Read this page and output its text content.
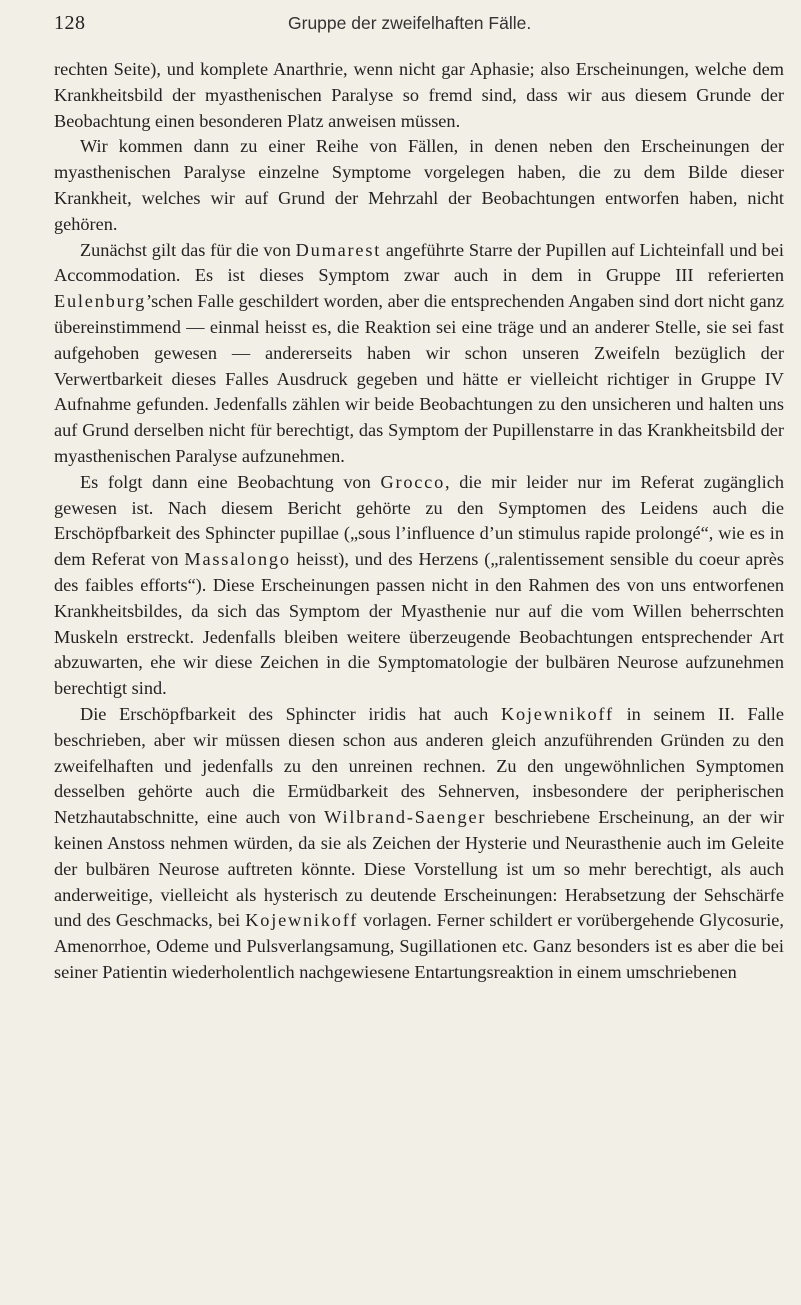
128	Gruppe der zweifelhaften Fälle.

rechten Seite), und komplete Anarthrie, wenn nicht gar Aphasie; also Erscheinungen, welche dem Krankheitsbild der myasthenischen Paralyse so fremd sind, dass wir aus diesem Grunde der Beobachtung einen besonderen Platz anweisen müssen.

Wir kommen dann zu einer Reihe von Fällen, in denen neben den Erscheinungen der myasthenischen Paralyse einzelne Symptome vorgelegen haben, die zu dem Bilde dieser Krankheit, welches wir auf Grund der Mehrzahl der Beobachtungen entworfen haben, nicht gehören.

Zunächst gilt das für die von Dumarest angeführte Starre der Pupillen auf Lichteinfall und bei Accommodation. Es ist dieses Symptom zwar auch in dem in Gruppe III referierten Eulenburg’schen Falle geschildert worden, aber die entsprechenden Angaben sind dort nicht ganz übereinstimmend — einmal heisst es, die Reaktion sei eine träge und an anderer Stelle, sie sei fast aufgehoben gewesen — andererseits haben wir schon unseren Zweifeln bezüglich der Verwertbarkeit dieses Falles Ausdruck gegeben und hätte er vielleicht richtiger in Gruppe IV Aufnahme gefunden. Jedenfalls zählen wir beide Beobachtungen zu den unsicheren und halten uns auf Grund derselben nicht für berechtigt, das Symptom der Pupillenstarre in das Krankheitsbild der myasthenischen Paralyse aufzunehmen.

Es folgt dann eine Beobachtung von Grocco, die mir leider nur im Referat zugänglich gewesen ist. Nach diesem Bericht gehörte zu den Symptomen des Leidens auch die Erschöpfbarkeit des Sphincter pupillae („sous l’influence d’un stimulus rapide prolongé“, wie es in dem Referat von Massalongo heisst), und des Herzens („ralentissement sensible du coeur après des faibles efforts“). Diese Erscheinungen passen nicht in den Rahmen des von uns entworfenen Krankheitsbildes, da sich das Symptom der Myasthenie nur auf die vom Willen beherrschten Muskeln erstreckt. Jedenfalls bleiben weitere überzeugende Beobachtungen entsprechender Art abzuwarten, ehe wir diese Zeichen in die Symptomatologie der bulbären Neurose aufzunehmen berechtigt sind.

Die Erschöpfbarkeit des Sphincter iridis hat auch Kojewnikoff in seinem II. Falle beschrieben, aber wir müssen diesen schon aus anderen gleich anzuführenden Gründen zu den zweifelhaften und jedenfalls zu den unreinen rechnen. Zu den ungewöhnlichen Symptomen desselben gehörte auch die Ermüdbarkeit des Sehnerven, insbesondere der peripherischen Netzhautabschnitte, eine auch von Wilbrand-Saenger beschriebene Erscheinung, an der wir keinen Anstoss nehmen würden, da sie als Zeichen der Hysterie und Neurasthenie auch im Geleite der bulbären Neurose auftreten könnte. Diese Vorstellung ist um so mehr berechtigt, als auch anderweitige, vielleicht als hysterisch zu deutende Erscheinungen: Herabsetzung der Sehschärfe und des Geschmacks, bei Kojewnikoff vorlagen. Ferner schildert er vorübergehende Glycosurie, Amenorrhoe, Odeme und Pulsverlangsamung, Sugillationen etc. Ganz besonders ist es aber die bei seiner Patientin wiederholentlich nachgewiesene Entartungsreaktion in einem umschriebenen
